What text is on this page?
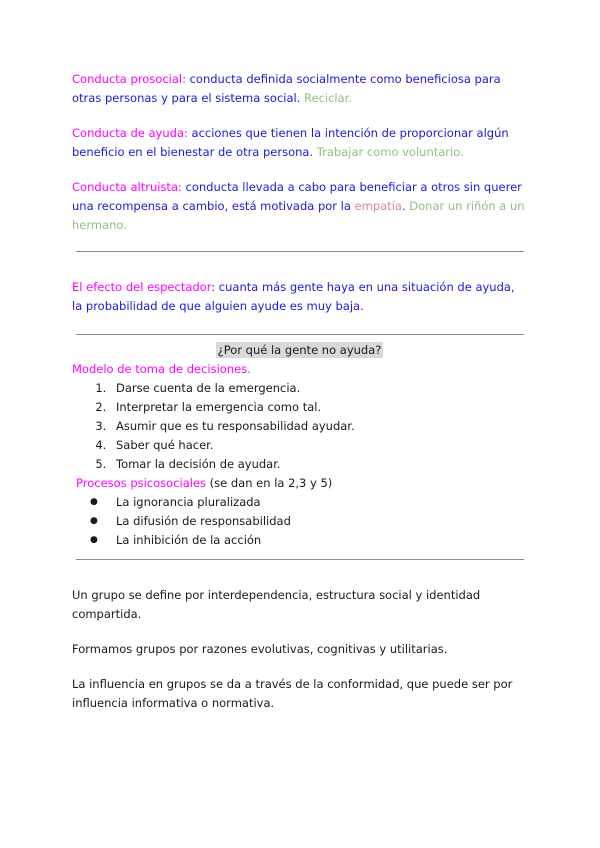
Conducta prosocial: conducta definida socialmente como beneficiosa para otras personas y para el sistema social. Reciclar.

Conducta de ayuda: acciones que tienen la intención de proporcionar algún beneficio en el bienestar de otra persona. Trabajar como voluntario.

Conducta altruista: conducta llevada a cabo para beneficiar a otros sin querer una recompensa a cambio, está motivada por la empatía. Donar un riñón a un hermano.

El efecto del espectador: cuanta más gente haya en una situación de ayuda, la probabilidad de que alguien ayude es muy baja.

¿Por qué la gente no ayuda?
Modelo de toma de decisiones.
1. Darse cuenta de la emergencia.
2. Interpretar la emergencia como tal.
3. Asumir que es tu responsabilidad ayudar.
4. Saber qué hacer.
5. Tomar la decisión de ayudar.
Procesos psicosociales (se dan en la 2,3 y 5)
● La ignorancia pluralizada
● La difusión de responsabilidad
● La inhibición de la acción

Un grupo se define por interdependencia, estructura social y identidad compartida.

Formamos grupos por razones evolutivas, cognitivas y utilitarias.

La influencia en grupos se da a través de la conformidad, que puede ser por influencia informativa o normativa.
